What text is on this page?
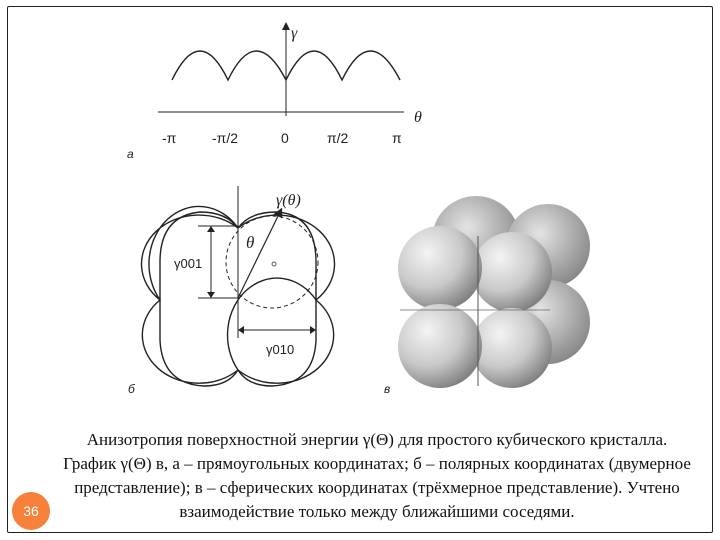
γ
θ
-π	-π/2	0	π/2	π
а
γ(θ)
θ
γ001
γ010
б	в
Анизотропия поверхностной энергии γ(Θ) для простого кубического кристалла. График γ(Θ) в, а – прямоугольных координатах; б – полярных координатах (двумерное представление); в – сферических координатах (трёхмерное представление). Учтено взаимодействие только между ближайшими соседями.
36
